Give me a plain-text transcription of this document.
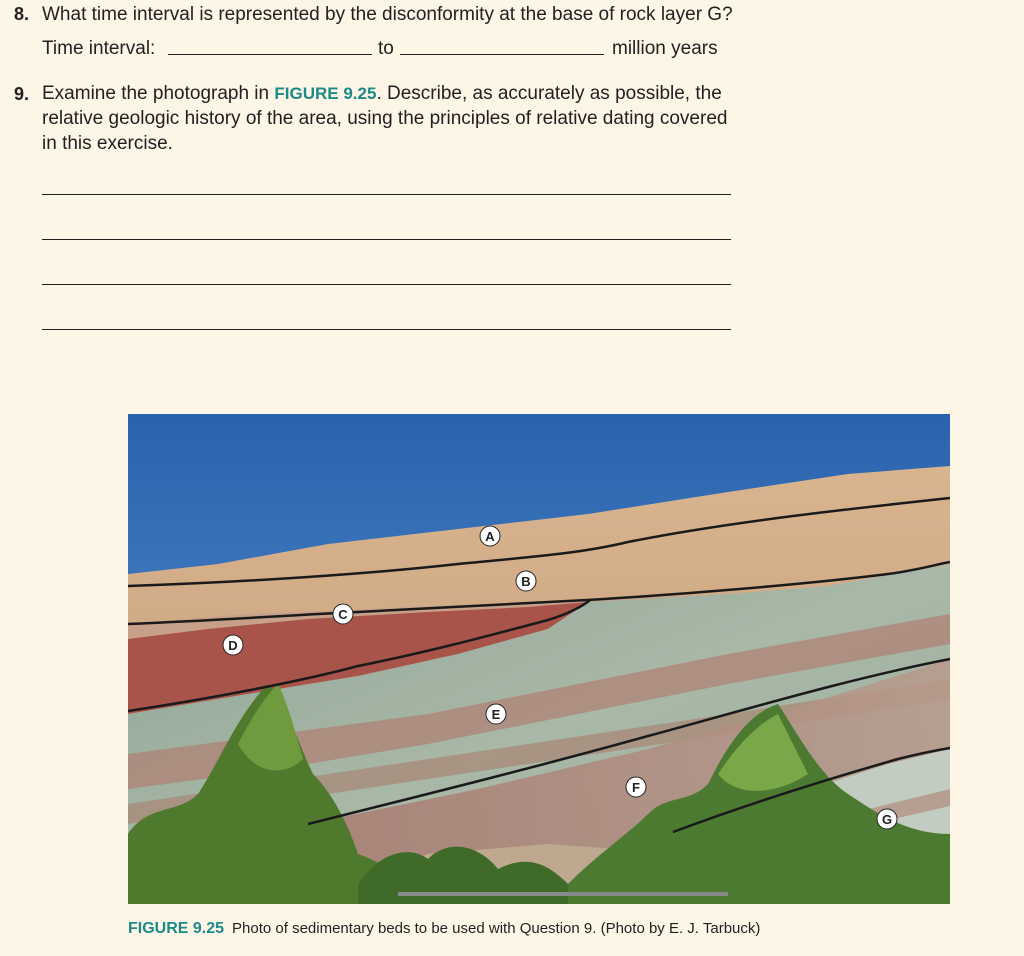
8. What time interval is represented by the disconformity at the base of rock layer G?
Time interval:	to	million years
9. Examine the photograph in FIGURE 9.25. Describe, as accurately as possible, the relative geologic history of the area, using the principles of relative dating covered in this exercise.
A
B
C
D
E
F
G
FIGURE 9.25 Photo of sedimentary beds to be used with Question 9. (Photo by E. J. Tarbuck)
